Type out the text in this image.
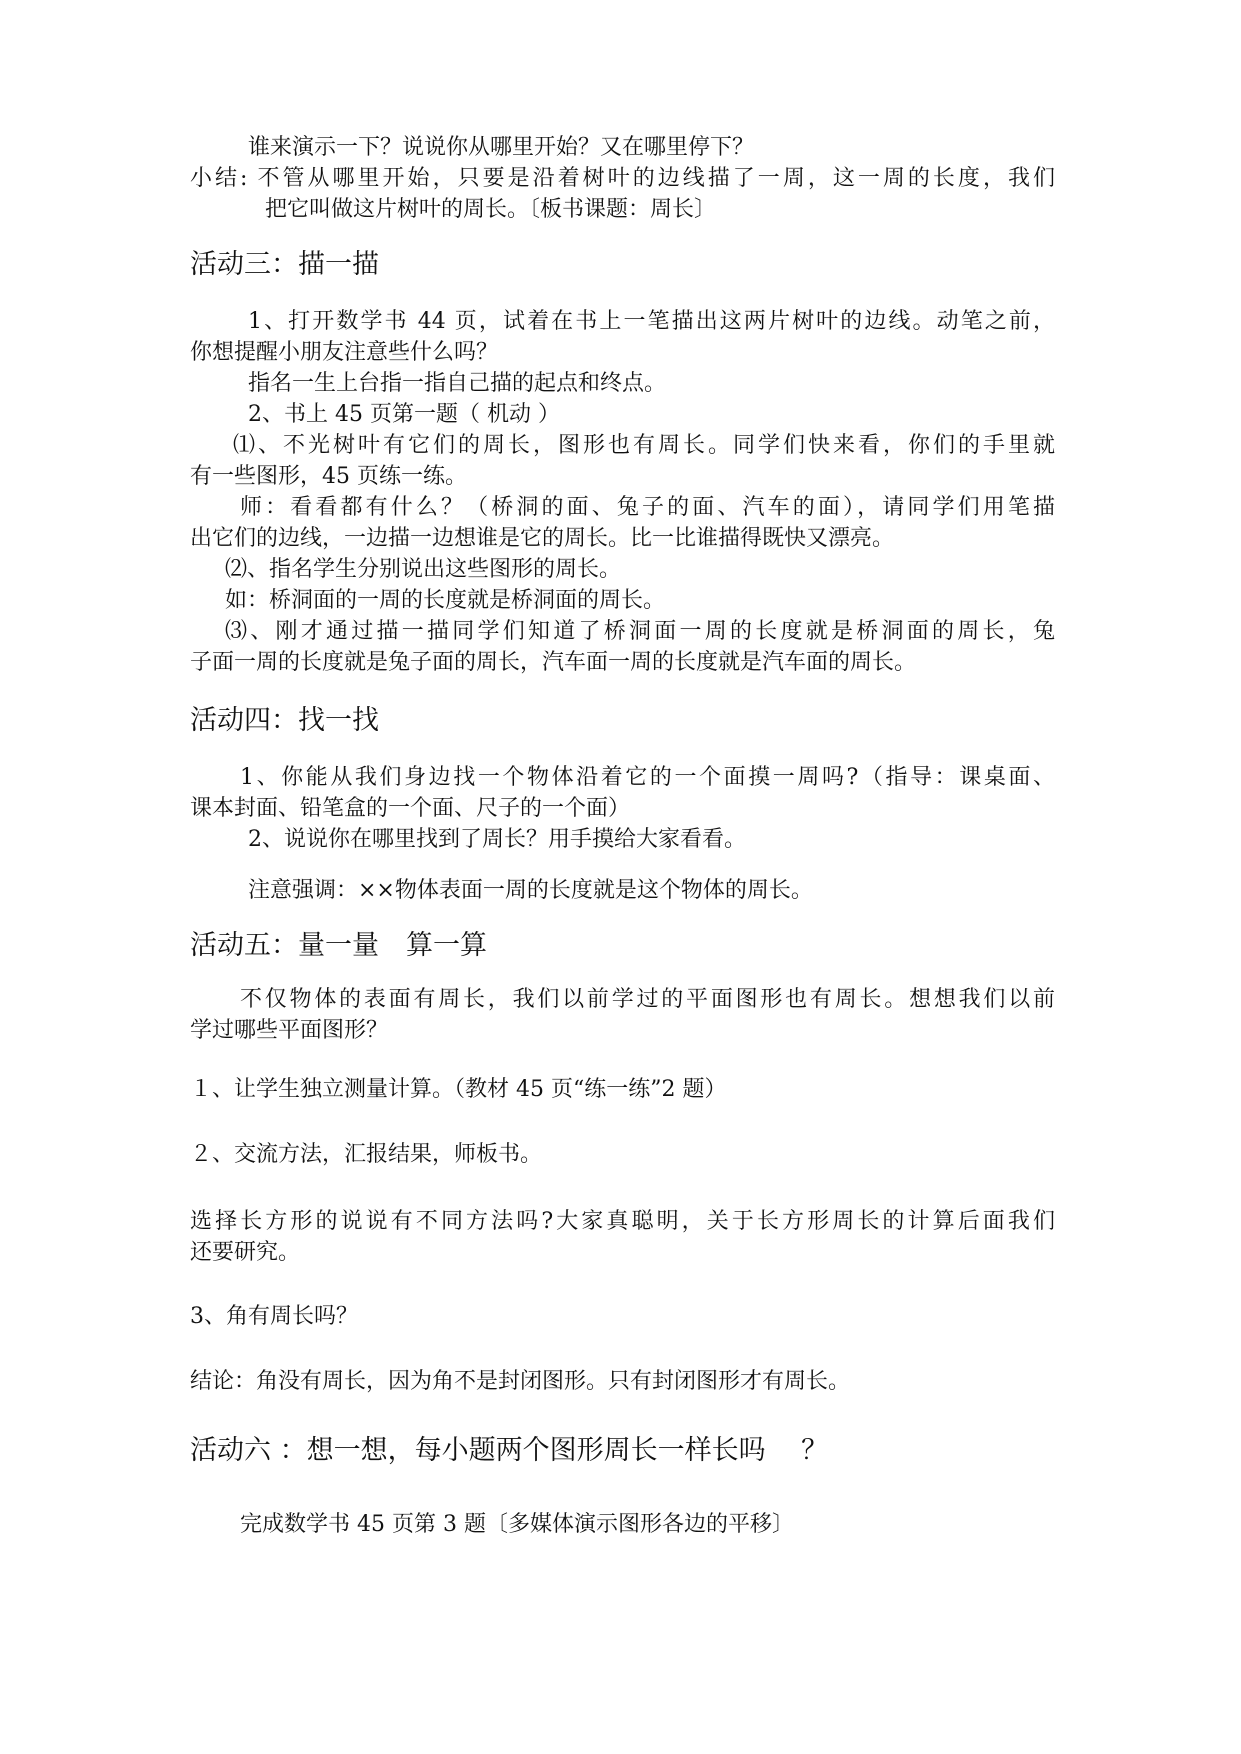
谁来演示一下？说说你从哪里开始？又在哪里停下？
小结: 不管从哪里开始，只要是沿着树叶的边线描了一周，这一周的长度，我们
把它叫做这片树叶的周长。〔板书课题：周长〕
活动三：描一描
1、打开数学书 44 页，试着在书上一笔描出这两片树叶的边线。动笔之前，
你想提醒小朋友注意些什么吗？
指名一生上台指一指自己描的起点和终点。
2、书上 45 页第一题（ 机动 ）
⑴、不光树叶有它们的周长，图形也有周长。同学们快来看，你们的手里就
有一些图形，45 页练一练。
师：看看都有什么？（桥洞的面、兔子的面、汽车的面），请同学们用笔描
出它们的边线，一边描一边想谁是它的周长。比一比谁描得既快又漂亮。
⑵、指名学生分别说出这些图形的周长。
如：桥洞面的一周的长度就是桥洞面的周长。
⑶、刚才通过描一描同学们知道了桥洞面一周的长度就是桥洞面的周长，兔
子面一周的长度就是兔子面的周长，汽车面一周的长度就是汽车面的周长。
活动四：找一找
1、你能从我们身边找一个物体沿着它的一个面摸一周吗?（指导：课桌面、
课本封面、铅笔盒的一个面、尺子的一个面）
2、说说你在哪里找到了周长？用手摸给大家看看。
注意强调：××物体表面一周的长度就是这个物体的周长。
活动五：量一量　算一算
不仅物体的表面有周长，我们以前学过的平面图形也有周长。想想我们以前
学过哪些平面图形？
１、让学生独立测量计算。（教材 45 页“练一练”2 题）
２、交流方法，汇报结果，师板书。
选择长方形的说说有不同方法吗?大家真聪明，关于长方形周长的计算后面我们
还要研究。
3、角有周长吗？
结论：角没有周长，因为角不是封闭图形。只有封闭图形才有周长。
活动六 ：想一想，每小题两个图形周长一样长吗　 ？
完成数学书 45 页第 3 题〔多媒体演示图形各边的平移〕
